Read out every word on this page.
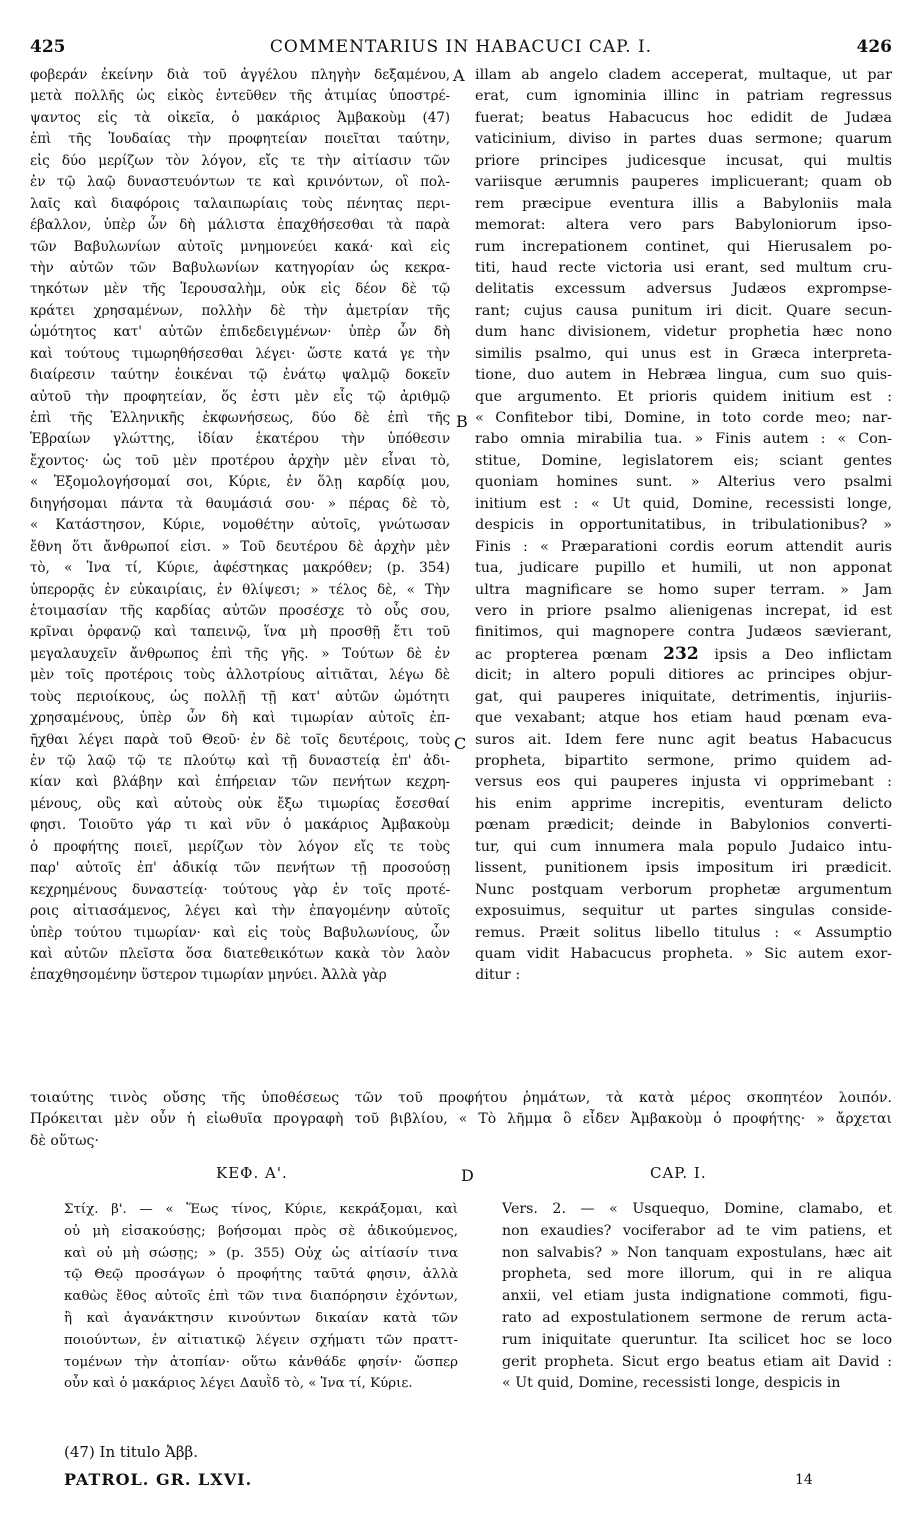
425	COMMENTARIUS IN HABACUCI CAP. I.	426
φοβεράν ἐκείνην διὰ τοῦ ἀγγέλου πληγὴν δεξαμένου,
μετὰ πολλῆς ὡς εἰκὸς ἐντεῦθεν τῆς ἀτιμίας ὑποστρέ-
ψαντος εἰς τὰ οἰκεῖα, ὁ μακάριος Ἀμβακοὺμ (47)
ἐπὶ τῆς Ἰουδαίας τὴν προφητείαν ποιεῖται ταύτην,
εἰς δύο μερίζων τὸν λόγον, εἴς τε τὴν αἰτίασιν τῶν
ἐν τῷ λαῷ δυναστευόντων τε καὶ κρινόντων, οἳ πολ-
λαῖς καὶ διαφόροις ταλαιπωρίαις τοὺς πένητας περι-
έβαλλον, ὑπὲρ ὧν δὴ μάλιστα ἐπαχθήσεσθαι τὰ παρὰ
τῶν Βαβυλωνίων αὐτοῖς μνημονεύει κακά· καὶ εἰς
τὴν αὐτῶν τῶν Βαβυλωνίων κατηγορίαν ὡς κεκρα-
τηκότων μὲν τῆς Ἱερουσαλὴμ, οὐκ εἰς δέον δὲ τῷ
κράτει χρησαμένων, πολλὴν δὲ τὴν ἀμετρίαν τῆς
ὠμότητος κατ' αὐτῶν ἐπιδεδειγμένων· ὑπὲρ ὧν δὴ
καὶ τούτους τιμωρηθήσεσθαι λέγει· ὥστε κατά γε τὴν
διαίρεσιν ταύτην ἐοικέναι τῷ ἐνάτῳ ψαλμῷ δοκεῖν
αὐτοῦ τὴν προφητείαν, ὅς ἐστι μὲν εἷς τῷ ἀριθμῷ
ἐπὶ τῆς Ἑλληνικῆς ἐκφωνήσεως, δύο δὲ ἐπὶ τῆς
Ἑβραίων γλώττης, ἰδίαν ἑκατέρου τὴν ὑπόθεσιν
ἔχοντος· ὡς τοῦ μὲν προτέρου ἀρχὴν μὲν εἶναι τὸ,
« Ἐξομολογήσομαί σοι, Κύριε, ἐν ὅλῃ καρδίᾳ μου,
διηγήσομαι πάντα τὰ θαυμάσιά σου· » πέρας δὲ τὸ,
« Κατάστησον, Κύριε, νομοθέτην αὐτοῖς, γνώτωσαν
ἔθνη ὅτι ἄνθρωποί εἰσι. » Τοῦ δευτέρου δὲ ἀρχὴν μὲν
τὸ, « Ἱνα τί, Κύριε, ἀφέστηκας μακρόθεν; (p. 354)
ὑπερορᾷς ἐν εὐκαιρίαις, ἐν θλίψεσι; » τέλος δὲ, « Τὴν
ἑτοιμασίαν τῆς καρδίας αὐτῶν προσέσχε τὸ οὖς σου,
κρῖναι ὀρφανῷ καὶ ταπεινῷ, ἵνα μὴ προσθῇ ἔτι τοῦ
μεγαλαυχεῖν ἄνθρωπος ἐπὶ τῆς γῆς. » Τούτων δὲ ἐν
μὲν τοῖς προτέροις τοὺς ἀλλοτρίους αἰτιᾶται, λέγω δὲ
τοὺς περιοίκους, ὡς πολλῇ τῇ κατ' αὐτῶν ὠμότητι
χρησαμένους, ὑπὲρ ὧν δὴ καὶ τιμωρίαν αὐτοῖς ἐπ-
ῆχθαι λέγει παρὰ τοῦ Θεοῦ· ἐν δὲ τοῖς δευτέροις, τοὺς
ἐν τῷ λαῷ τῷ τε πλούτῳ καὶ τῇ δυναστείᾳ ἐπ' ἀδι-
κίαν καὶ βλάβην καὶ ἐπήρειαν τῶν πενήτων κεχρη-
μένους, οὓς καὶ αὐτοὺς οὐκ ἔξω τιμωρίας ἔσεσθαί
φησι. Τοιοῦτο γάρ τι καὶ νῦν ὁ μακάριος Ἀμβακοὺμ
ὁ προφήτης ποιεῖ, μερίζων τὸν λόγον εἴς τε τοὺς
παρ' αὐτοῖς ἐπ' ἀδικίᾳ τῶν πενήτων τῇ προσούσῃ
κεχρημένους δυναστείᾳ· τούτους γὰρ ἐν τοῖς προτέ-
ροις αἰτιασάμενος, λέγει καὶ τὴν ἐπαγομένην αὐτοῖς
ὑπὲρ τούτου τιμωρίαν· καὶ εἰς τοὺς Βαβυλωνίους, ὧν
καὶ αὐτῶν πλεῖστα ὅσα διατεθεικότων κακὰ τὸν λαὸν
ἐπαχθησομένην ὕστερον τιμωρίαν μηνύει. Ἀλλὰ γὰρ
A
B
C
D
illam ab angelo cladem acceperat, multaque, ut par
erat, cum ignominia illinc in patriam regressus
fuerat; beatus Habacucus hoc edidit de Judæa
vaticinium, diviso in partes duas sermone; quarum
priore principes judicesque incusat, qui multis
variisque ærumnis pauperes implicuerant; quam ob
rem præcipue eventura illis a Babyloniis mala
memorat: altera vero pars Babyloniorum ipso-
rum increpationem continet, qui Hierusalem po-
titi, haud recte victoria usi erant, sed multum cru-
delitatis excessum adversus Judæos exprompse-
rant; cujus causa punitum iri dicit. Quare secun-
dum hanc divisionem, videtur prophetia hæc nono
similis psalmo, qui unus est in Græca interpreta-
tione, duo autem in Hebræa lingua, cum suo quis-
que argumento. Et prioris quidem initium est :
« Confitebor tibi, Domine, in toto corde meo; nar-
rabo omnia mirabilia tua. » Finis autem : « Con-
stitue, Domine, legislatorem eis; sciant gentes
quoniam homines sunt. » Alterius vero psalmi
initium est : « Ut quid, Domine, recessisti longe,
despicis in opportunitatibus, in tribulationibus? »
Finis : « Præparationi cordis eorum attendit auris
tua, judicare pupillo et humili, ut non apponat
ultra magnificare se homo super terram. » Jam
vero in priore psalmo alienigenas increpat, id est
finitimos, qui magnopere contra Judæos sævierant,
ac propterea pœnam 232 ipsis a Deo inflictam
dicit; in altero populi ditiores ac principes objur-
gat, qui pauperes iniquitate, detrimentis, injuriis-
que vexabant; atque hos etiam haud pœnam eva-
suros ait. Idem fere nunc agit beatus Habacucus
propheta, bipartito sermone, primo quidem ad-
versus eos qui pauperes injusta vi opprimebant :
his enim apprime increpitis, eventuram delicto
pœnam prædicit; deinde in Babylonios converti-
tur, qui cum innumera mala populo Judaico intu-
lissent, punitionem ipsis impositum iri prædicit.
Nunc postquam verborum prophetæ argumentum
exposuimus, sequitur ut partes singulas conside-
remus. Præit solitus libello titulus : « Assumptio
quam vidit Habacucus propheta. » Sic autem exor-
ditur :
τοιαύτης τινὸς οὔσης τῆς ὑποθέσεως τῶν τοῦ προφήτου ῥημάτων, τὰ κατὰ μέρος σκοπητέον λοιπόν.
Πρόκειται μὲν οὖν ἡ εἰωθυῖα προγραφὴ τοῦ βιβλίου, « Τὸ λῆμμα ὃ εἶδεν Ἀμβακοὺμ ὁ προφήτης· » ἄρχεται
δὲ οὕτως·
ΚΕΦ. Α'.	CAP. I.
Στίχ. β'. — « Ἕως τίνος, Κύριε, κεκράξομαι, καὶ
οὐ μὴ εἰσακούσῃς; βοήσομαι πρὸς σὲ ἀδικούμενος,
καὶ οὐ μὴ σώσῃς; » (p. 355) Οὐχ ὡς αἰτίασίν τινα
τῷ Θεῷ προσάγων ὁ προφήτης ταῦτά φησιν, ἀλλὰ
καθὼς ἔθος αὐτοῖς ἐπὶ τῶν τινα διαπόρησιν ἐχόντων,
ἢ καὶ ἀγανάκτησιν κινούντων δικαίαν κατὰ τῶν
ποιούντων, ἐν αἰτιατικῷ λέγειν σχήματι τῶν πραττ-
τομένων τὴν ἀτοπίαν· οὕτω κἀνθάδε φησίν· ὥσπερ
οὖν καὶ ὁ μακάριος λέγει Δαυῒδ τὸ, « Ἱνα τί, Κύριε.
Vers. 2. — « Usquequo, Domine, clamabo, et
non exaudies? vociferabor ad te vim patiens, et
non salvabis? » Non tanquam expostulans, hæc ait
propheta, sed more illorum, qui in re aliqua
anxii, vel etiam justa indignatione commoti, figu-
rato ad expostulationem sermone de rerum acta-
rum iniquitate queruntur. Ita scilicet hoc se loco
gerit propheta. Sicut ergo beatus etiam ait David :
« Ut quid, Domine, recessisti longe, despicis in
(47) In titulo Ἀββ.
PATROL. GR. LXVI.	14
